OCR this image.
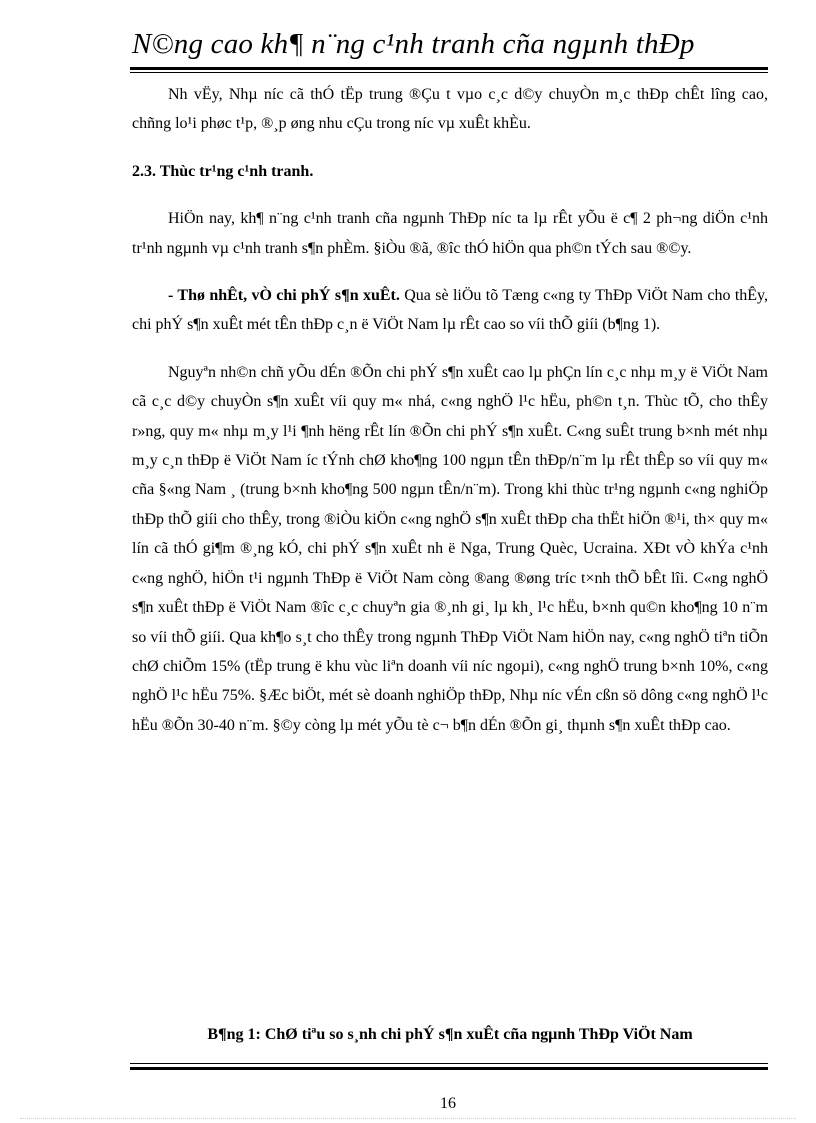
N©ng cao kh¶ n¨ng c¹nh tranh cña ngµnh thÐp

Nh vËy, Nhµ níc cã thÓ tËp trung ®Çu t vµo c¸c d©y chuyÒn m¸c thÐp chÊt lîng cao, chñng lo¹i phøc t¹p, ®¸p øng nhu cÇu trong níc vµ xuÊt khÈu.

2.3. Thùc tr¹ng c¹nh tranh.

HiÖn nay, kh¶ n¨ng c¹nh tranh cña ngµnh ThÐp níc ta lµ rÊt yÕu ë c¶ 2 ph¬ng diÖn c¹nh tr¹nh ngµnh vµ c¹nh tranh s¶n phÈm. §iÒu ®ã, ®îc thÓ hiÖn qua ph©n tÝch sau ®©y.

- Thø nhÊt, vÒ chi phÝ s¶n xuÊt. Qua sè liÖu tõ Tæng c«ng ty ThÐp ViÖt Nam cho thÊy, chi phÝ s¶n xuÊt mét tÊn thÐp c¸n ë ViÖt Nam lµ rÊt cao so víi thÕ giíi (b¶ng 1).

Nguyªn nh©n chñ yÕu dÉn ®Õn chi phÝ s¶n xuÊt cao lµ phÇn lín c¸c nhµ m¸y ë ViÖt Nam cã c¸c d©y chuyÒn s¶n xuÊt víi quy m« nhá, c«ng nghÖ l¹c hËu, ph©n t¸n. Thùc tÕ, cho thÊy r»ng, quy m« nhµ m¸y l¹i ¶nh hëng rÊt lín ®Õn chi phÝ s¶n xuÊt. C«ng suÊt trung b×nh mét nhµ m¸y c¸n thÐp ë ViÖt Nam íc tÝnh chØ kho¶ng 100 ngµn tÊn thÐp/n¨m lµ rÊt thÊp so víi quy m« cña §«ng Nam ¸ (trung b×nh kho¶ng 500 ngµn tÊn/n¨m). Trong khi thùc tr¹ng ngµnh c«ng nghiÖp thÐp thÕ giíi cho thÊy, trong ®iÒu kiÖn c«ng nghÖ s¶n xuÊt thÐp cha thËt hiÖn ®¹i, th× quy m« lín cã thÓ gi¶m ®¸ng kÓ, chi phÝ s¶n xuÊt nh ë Nga, Trung Quèc, Ucraina. XÐt vÒ khÝa c¹nh c«ng nghÖ, hiÖn t¹i ngµnh ThÐp ë ViÖt Nam còng ®ang ®øng tríc t×nh thÕ bÊt lîi. C«ng nghÖ s¶n xuÊt thÐp ë ViÖt Nam ®îc c¸c chuyªn gia ®¸nh gi¸ lµ kh¸ l¹c hËu, b×nh qu©n kho¶ng 10 n¨m so víi thÕ giíi. Qua kh¶o s¸t cho thÊy trong ngµnh ThÐp ViÖt Nam hiÖn nay, c«ng nghÖ tiªn tiÕn chØ chiÕm 15% (tËp trung ë khu vùc liªn doanh víi níc ngoµi), c«ng nghÖ trung b×nh 10%, c«ng nghÖ l¹c hËu 75%. §Æc biÖt, mét sè doanh nghiÖp thÐp, Nhµ níc vÉn cßn sö dông c«ng nghÖ l¹c hËu ®Õn 30-40 n¨m. §©y còng lµ mét yÕu tè c¬ b¶n dÉn ®Õn gi¸ thµnh s¶n xuÊt thÐp cao.

B¶ng 1: ChØ tiªu so s¸nh chi phÝ s¶n xuÊt cña ngµnh ThÐp ViÖt Nam
16
